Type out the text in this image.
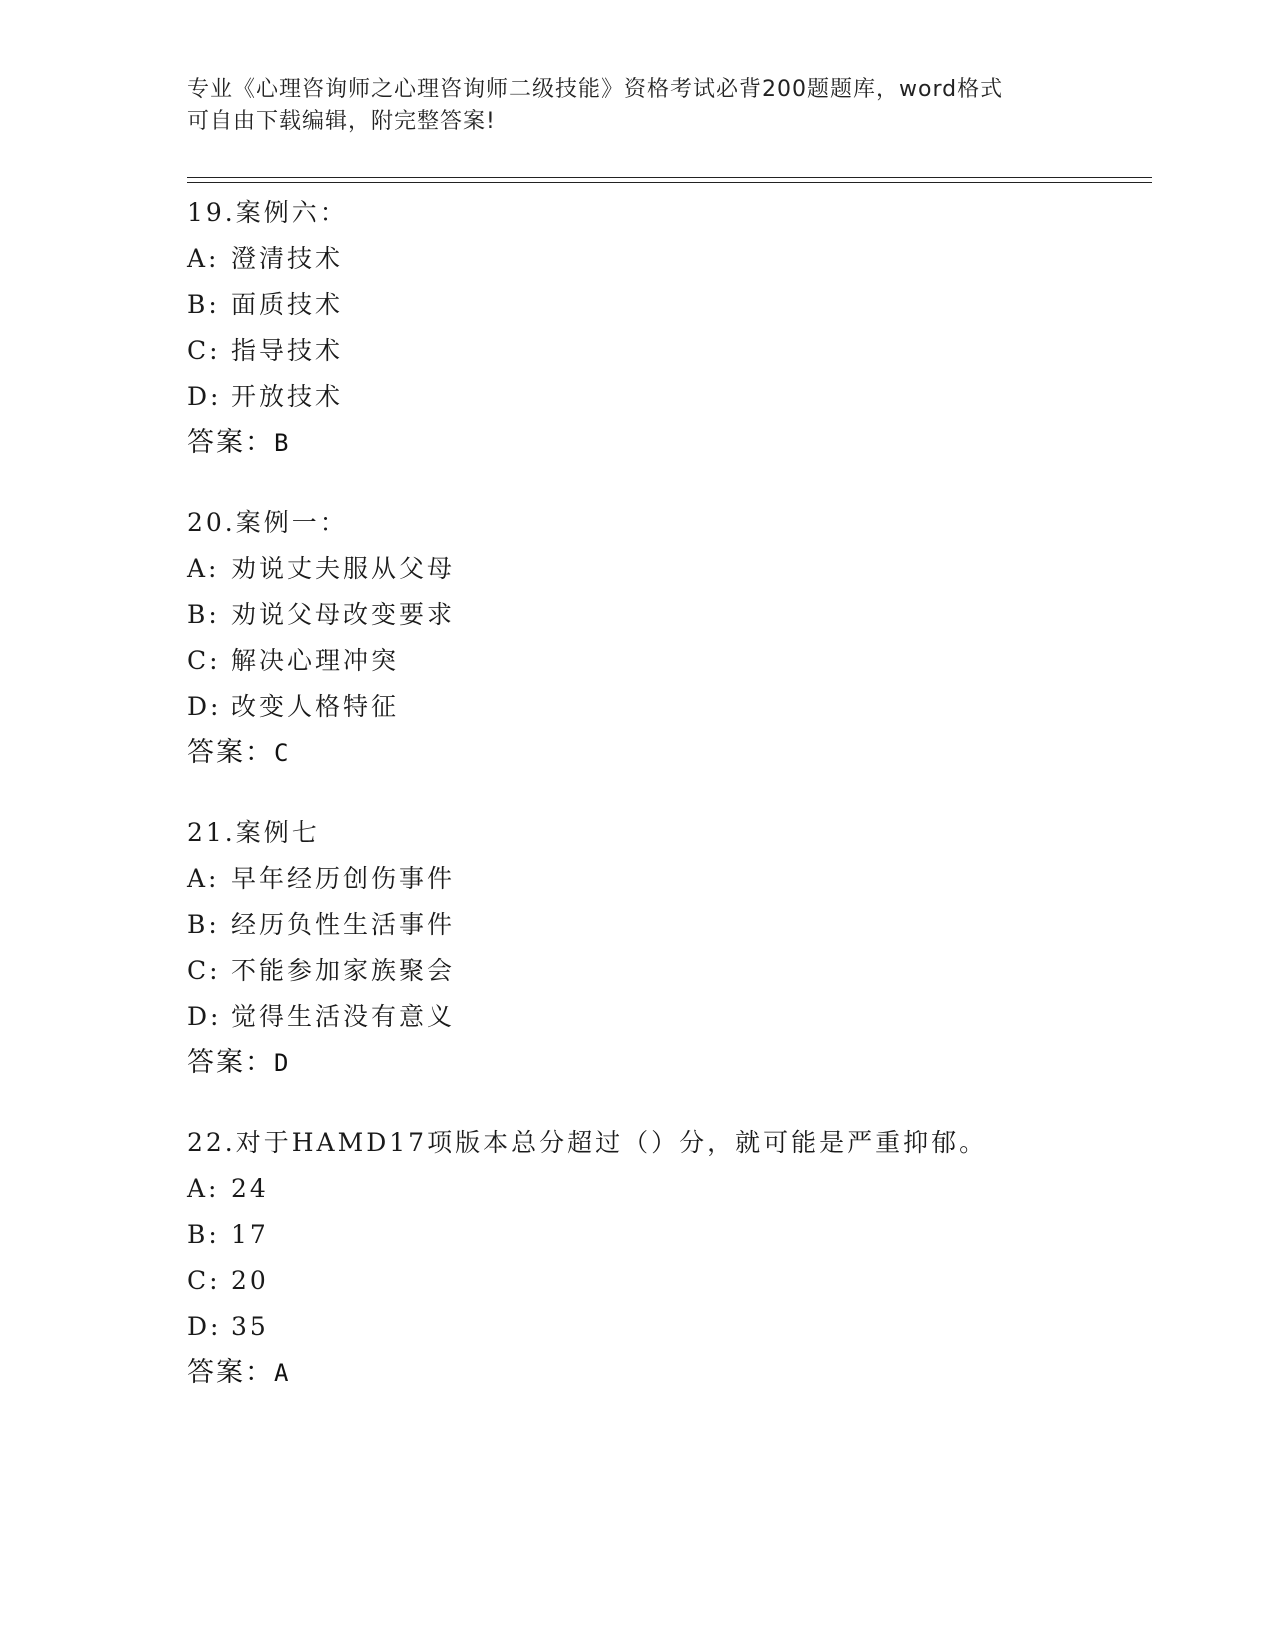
专业《心理咨询师之心理咨询师二级技能》资格考试必背200题题库，word格式
可自由下载编辑，附完整答案!
19.案例六：
A: 澄清技术
B: 面质技术
C: 指导技术
D: 开放技术
答案：B
20.案例一：
A: 劝说丈夫服从父母
B: 劝说父母改变要求
C: 解决心理冲突
D: 改变人格特征
答案：C
21.案例七
A: 早年经历创伤事件
B: 经历负性生活事件
C: 不能参加家族聚会
D: 觉得生活没有意义
答案：D
22.对于HAMD17项版本总分超过（）分，就可能是严重抑郁。
A: 24
B: 17
C: 20
D: 35
答案：A
